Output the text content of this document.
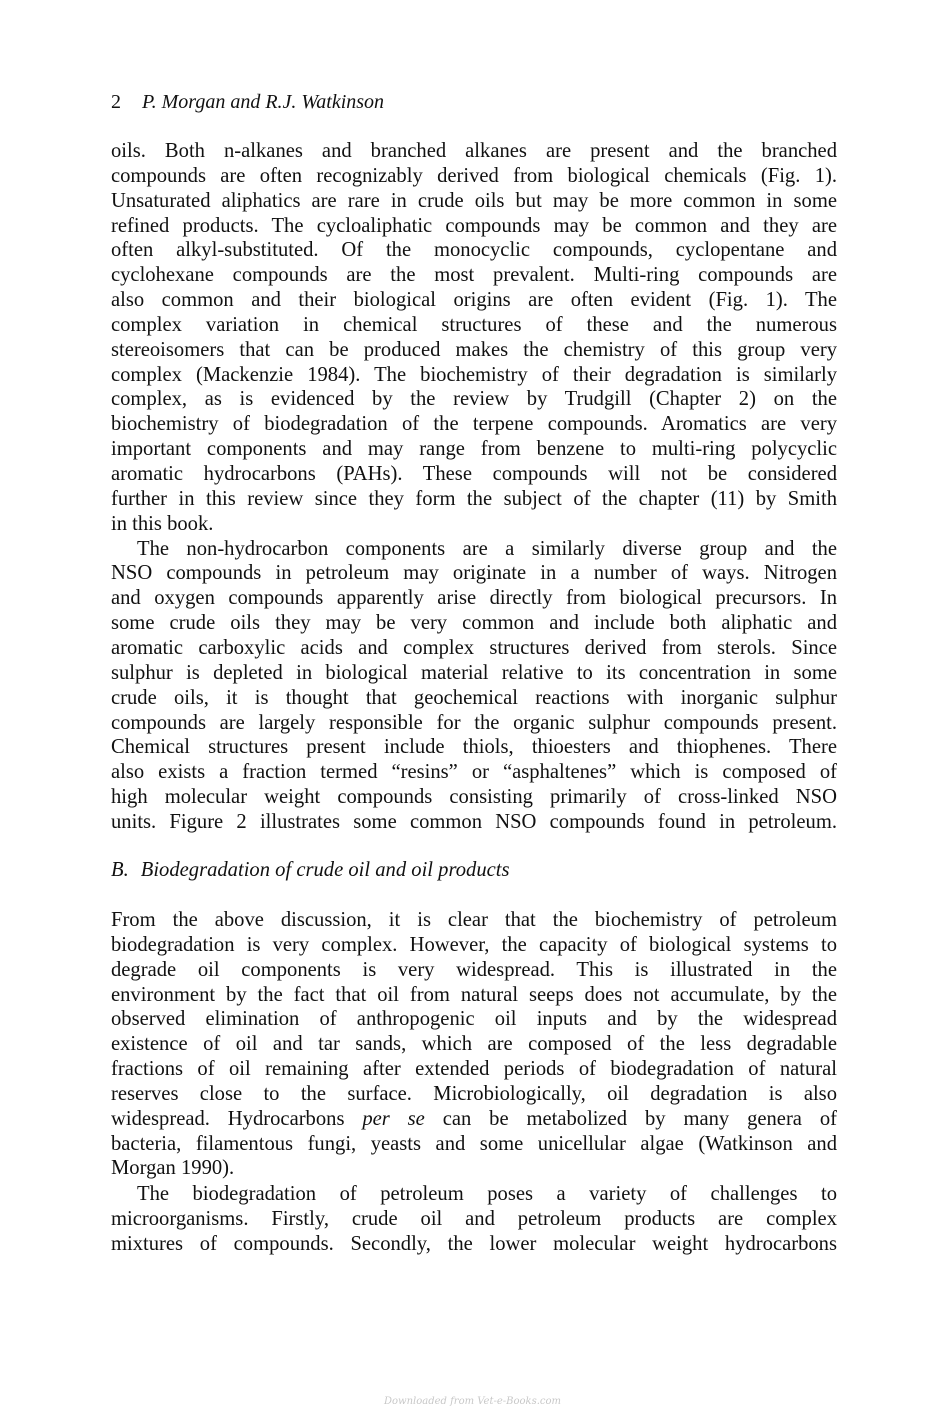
2 P. Morgan and R.J. Watkinson
oils. Both n-alkanes and branched alkanes are present and the branched
compounds are often recognizably derived from biological chemicals (Fig. 1).
Unsaturated aliphatics are rare in crude oils but may be more common in some
refined products. The cycloaliphatic compounds may be common and they are
often alkyl-substituted. Of the monocyclic compounds, cyclopentane and
cyclohexane compounds are the most prevalent. Multi-ring compounds are
also common and their biological origins are often evident (Fig. 1). The
complex variation in chemical structures of these and the numerous
stereoisomers that can be produced makes the chemistry of this group very
complex (Mackenzie 1984). The biochemistry of their degradation is similarly
complex, as is evidenced by the review by Trudgill (Chapter 2) on the
biochemistry of biodegradation of the terpene compounds. Aromatics are very
important components and may range from benzene to multi-ring polycyclic
aromatic hydrocarbons (PAHs). These compounds will not be considered
further in this review since they form the subject of the chapter (11) by Smith
in this book.
The non-hydrocarbon components are a similarly diverse group and the
NSO compounds in petroleum may originate in a number of ways. Nitrogen
and oxygen compounds apparently arise directly from biological precursors. In
some crude oils they may be very common and include both aliphatic and
aromatic carboxylic acids and complex structures derived from sterols. Since
sulphur is depleted in biological material relative to its concentration in some
crude oils, it is thought that geochemical reactions with inorganic sulphur
compounds are largely responsible for the organic sulphur compounds present.
Chemical structures present include thiols, thioesters and thiophenes. There
also exists a fraction termed “resins” or “asphaltenes” which is composed of
high molecular weight compounds consisting primarily of cross-linked NSO
units. Figure 2 illustrates some common NSO compounds found in petroleum.
B. Biodegradation of crude oil and oil products
From the above discussion, it is clear that the biochemistry of petroleum
biodegradation is very complex. However, the capacity of biological systems to
degrade oil components is very widespread. This is illustrated in the
environment by the fact that oil from natural seeps does not accumulate, by the
observed elimination of anthropogenic oil inputs and by the widespread
existence of oil and tar sands, which are composed of the less degradable
fractions of oil remaining after extended periods of biodegradation of natural
reserves close to the surface. Microbiologically, oil degradation is also
widespread. Hydrocarbons per se can be metabolized by many genera of
bacteria, filamentous fungi, yeasts and some unicellular algae (Watkinson and
Morgan 1990).
The biodegradation of petroleum poses a variety of challenges to
microorganisms. Firstly, crude oil and petroleum products are complex
mixtures of compounds. Secondly, the lower molecular weight hydrocarbons
Downloaded from Vet-e-Books.com
